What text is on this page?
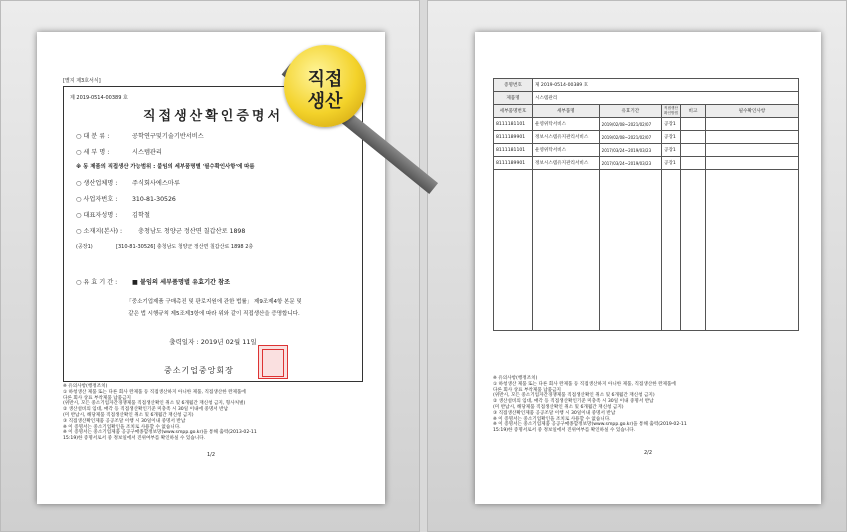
[별지 제3호서식]
제 2019-0514-00389 호
직접생산확인증명서
○ 대 분 류 :	공학연구및기술기반서비스
○ 세 부 명 :	시스템관리
※ 동 제품의 직접생산 가능범위 : 붙임의 세부품명별 '필수확인사항'에 따름
○ 생산업체명 : 주식회사에스마루
○ 사업자번호 : 310-81-30526
○ 대표자성명 : 김학철
○ 소재지(본사) :	충청남도 청양군 정산면 칠갑산로 1898
(공장1)	[310-81-30526] 충청남도 청양군 정산면 칠갑산로 1898 2층
○ 유 효 기 간 : ■ 붙임의 세부품명별 유효기간 참조
「중소기업제품 구매촉진 및 판로지원에 관한 법률」 제9조제4항 본문 및
같은 법 시행규칙 제5조제3항에 따라 위와 같이 직접생산을 증명합니다.
출력일자 : 2019년 02월 11일
중소기업중앙회장
※ 유의사항(행정조치)
① 하청생산 제품 또는 다른 회사 완제품 등 직접생산하지 아니한 제품, 직접생산한 완제품에
다른 회사 상표 부착제품 납품금지
(위반시, 모든 중소기업자간경쟁제품 직접생산확인 취소 및 6개월간 재신청 금지, 형사처벌)
② 생산설비의 임대, 매각 등 직접생산확인기준 미충족 시 30일 이내에 중명서 반납
(미 반납시, 해당제품 직접생산확인 취소 및 6개월간 재신청 금지)
③ 직접생산확인제품 공공조달 이행 시 30일이내 중명서 반납
※ 이 증명서는 중소기업확인을 조치로 사용할 수 없습니다.
※ 이 증명서는 중소기업제품 공공구매종합정보망(www.smpp.go.kr)을 통해 출력(2013-02-11
15:19)한 증명서로서 중 정보일에서 진위여부를 확인하실 수 있습니다.
1/2
증명번호	제 2019-0514-00389 호				
제품명	시스템관리				
세부품명번호	세부품명	유효기간	직접생산확인방법	비고	필수확인사항
8111181101	운영위탁서비스	2019/02/08~2021/02/07	공장1		
8111189901	정보시스템유지관리서비스	2019/02/08~2021/02/07	공장1		
8111181101	운영위탁서비스	2017/03/24~2019/03/23	공장1		
8111189901	정보시스템유지관리서비스	2017/03/24~2019/03/23	공장1		

※ 유의사항(행정조치)
① 하청생산 제품 또는 다른 회사 완제품 등 직접생산하지 아니한 제품, 직접생산한 완제품에
다른 회사 상표 부착제품 납품금지
(위반시, 모든 중소기업자간경쟁제품 직접생산확인 취소 및 6개월간 재신청 금지)
② 생산설비의 임대, 매각 등 직접생산확인기준 미충족 시 30일 이내 중명서 반납
(미 반납시, 해당제품 직접생산확인 취소 및 6개월간 재신청 금지)
③ 직접생산확인제품 공공조달 이행 시 30일이내 중명서 반납
※ 이 증명서는 중소기업확인을 조치로 사용할 수 없습니다.
※ 이 증명서는 중소기업제품 공공구매종합정보망(www.smpp.go.kr)을 통해 출력(2019-02-11
15:19)한 증명서로서 중 정보일에서 진위여부를 확인하실 수 있습니다.
2/2
직접
생산
